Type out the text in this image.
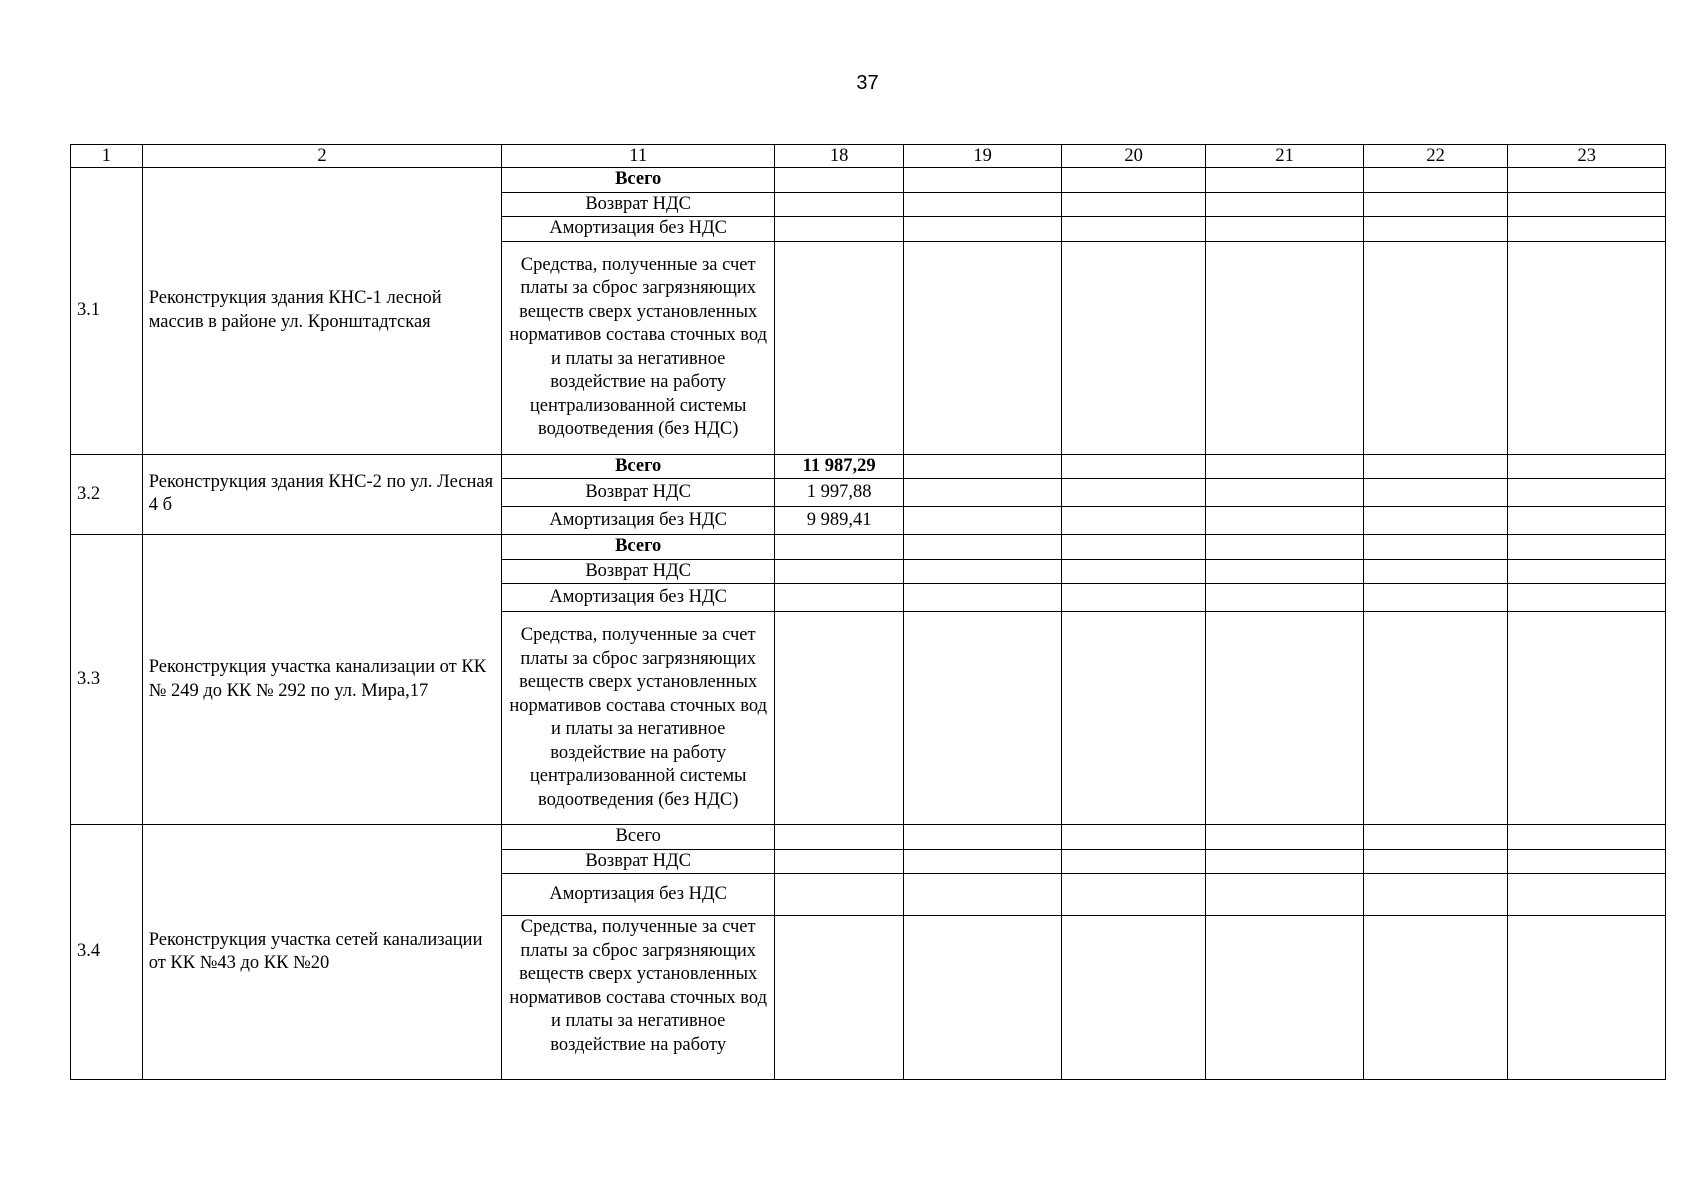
37
1	2	11	18	19	20	21	22	23
3.1	Реконструкция здания КНС-1 лесной массив в районе ул. Кронштадтская	Всего						
		Возврат НДС						
		Амортизация без НДС						
		Средства, полученные за счет платы за сброс загрязняющих веществ сверх установленных нормативов состава сточных вод и платы за негативное воздействие на работу централизованной системы водоотведения (без НДС)						
3.2	Реконструкция здания КНС-2 по ул. Лесная 4 б	Всего	11 987,29					
		Возврат НДС	1 997,88					
		Амортизация без НДС	9 989,41					
3.3	Реконструкция участка канализации от КК № 249 до КК № 292 по ул. Мира,17	Всего						
		Возврат НДС						
		Амортизация без НДС						
		Средства, полученные за счет платы за сброс загрязняющих веществ сверх установленных нормативов состава сточных вод и платы за негативное воздействие на работу централизованной системы водоотведения (без НДС)						
3.4	Реконструкция участка сетей канализации от КК №43 до КК №20	Всего						
		Возврат НДС						
		Амортизация без НДС						
		Средства, полученные за счет платы за сброс загрязняющих веществ сверх установленных нормативов состава сточных вод и платы за негативное воздействие на работу						
